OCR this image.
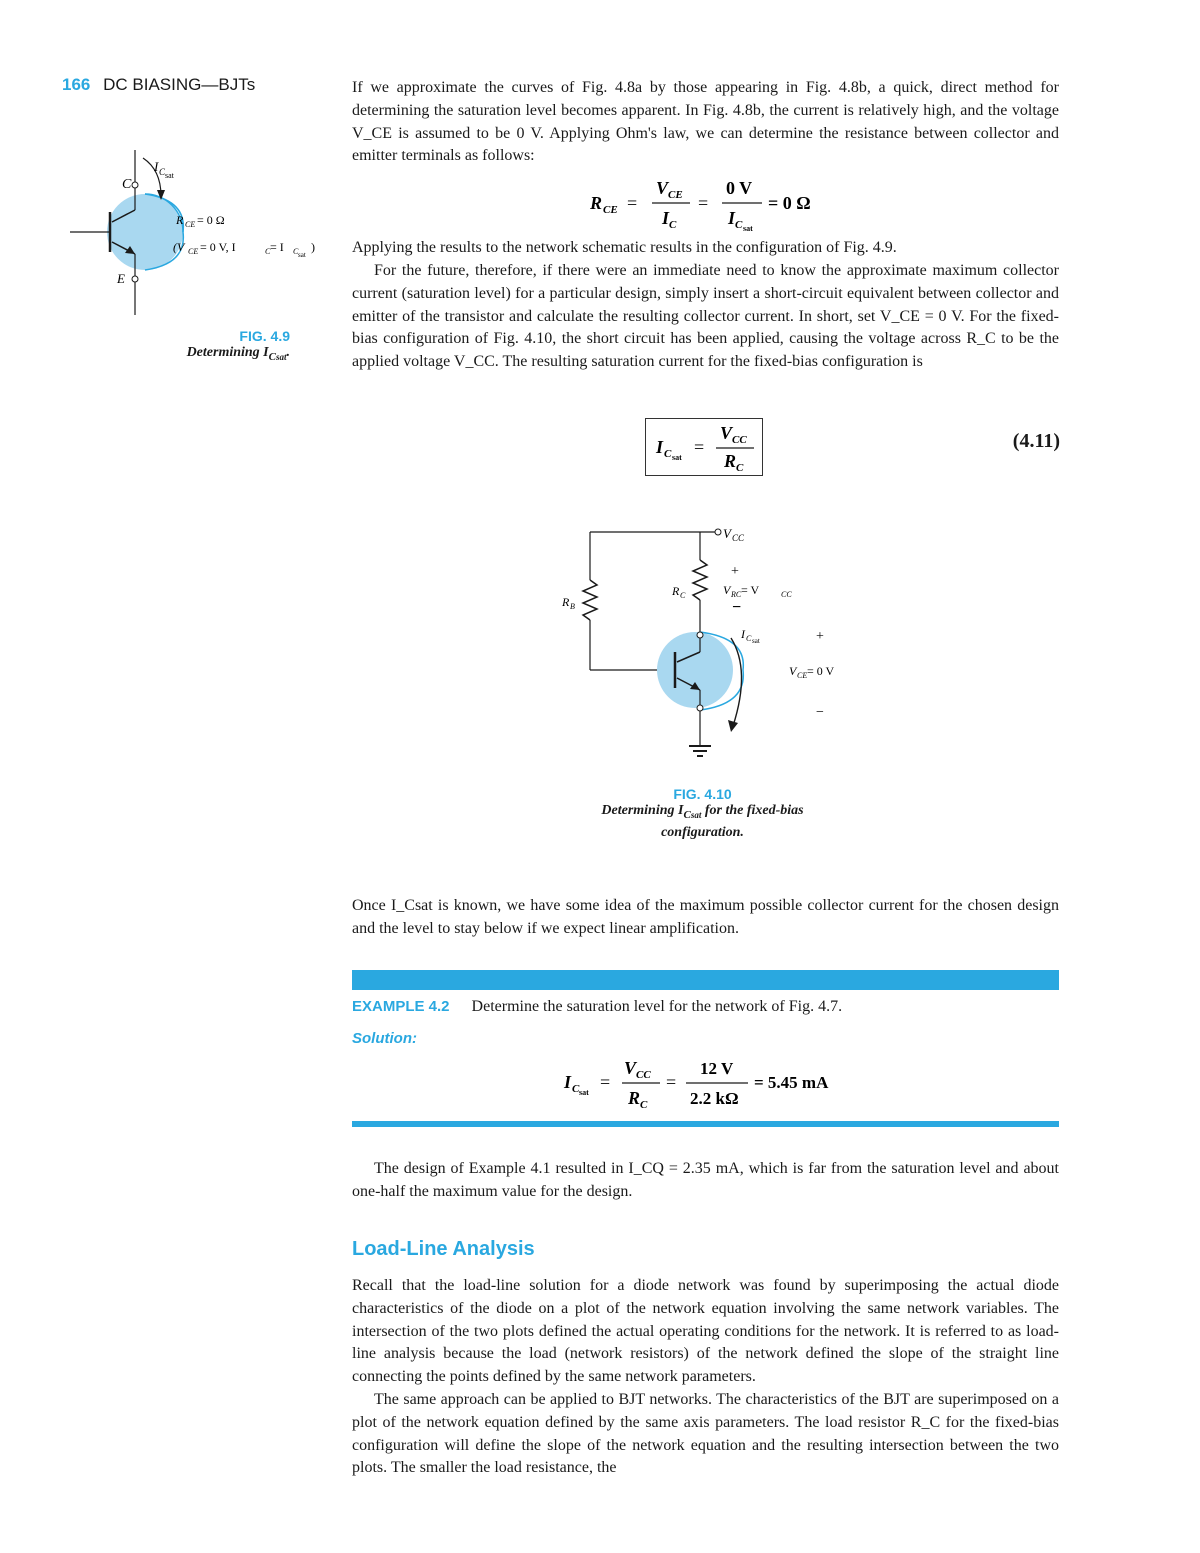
166 DC BIASING—BJTs	If we approximate the curves of Fig. 4.8a by those appearing in Fig. 4.8b, a quick, direct method for determining the saturation level becomes apparent. In Fig. 4.8b, the current is relatively high, and the voltage V_CE is assumed to be 0 V. Applying Ohm's law, we can determine the resistance between collector and emitter terminals as follows:
R CE =
V CE
I C
=
0 V
I C sat
= 0 Ω
Applying the results to the network schematic results in the configuration of Fig. 4.9.
For the future, therefore, if there were an immediate need to know the approximate maximum collector current (saturation level) for a particular design, simply insert a short-circuit equivalent between collector and emitter of the transistor and calculate the resulting collector current. In short, set V_CE = 0 V. For the fixed-bias configuration of Fig. 4.10, the short circuit has been applied, causing the voltage across R_C to be the applied voltage V_CC. The resulting saturation current for the fixed-bias configuration is
C
E
I C sat
R CE = 0 Ω
(V CE = 0 V, I	C = I C sat
)
FIG. 4.9
Determining $I_{Csat}$.
I C sat
=
V CC
R C
(4.11)
V CC
R B
R C
+
V RC = V	CC
−
I C sat	+
V CE = 0 V
−
FIG. 4.10
Determining $I_{Csat}$ for the fixed-bias
configuration.
Once I_Csat is known, we have some idea of the maximum possible collector current for the chosen design and the level to stay below if we expect linear amplification.
EXAMPLE 4.2 Determine the saturation level for the network of Fig. 4.7.
Solution:
I C sat
=
V CC
R C
=
12 V
2.2 kΩ
= 5.45 mA
The design of Example 4.1 resulted in I_CQ = 2.35 mA, which is far from the saturation level and about one-half the maximum value for the design.
Load-Line Analysis
Recall that the load-line solution for a diode network was found by superimposing the actual diode characteristics of the diode on a plot of the network equation involving the same network variables. The intersection of the two plots defined the actual operating conditions for the network. It is referred to as load-line analysis because the load (network resistors) of the network defined the slope of the straight line connecting the points defined by the same network parameters.
The same approach can be applied to BJT networks. The characteristics of the BJT are superimposed on a plot of the network equation defined by the same axis parameters. The load resistor R_C for the fixed-bias configuration will define the slope of the network equation and the resulting intersection between the two plots. The smaller the load resistance, the
